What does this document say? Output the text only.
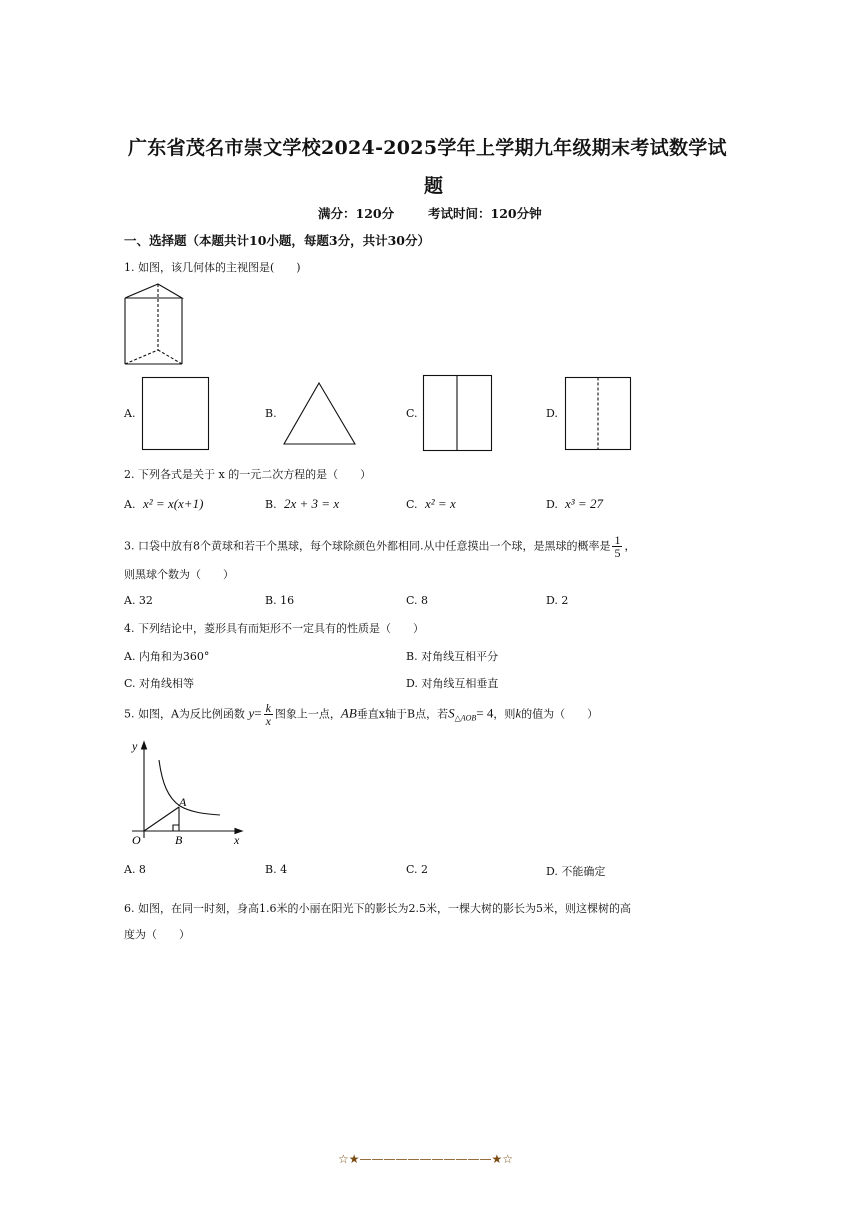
广东省茂名市崇文学校2024-2025学年上学期九年级期末考试数学试
题
满分：120分	考试时间：120分钟
一、选择题（本题共计10小题，每题3分，共计30分）
1. 如图，该几何体的主视图是(　　)
A.	B.	C.	D.
2. 下列各式是关于 x 的一元二次方程的是（　　）
A. x² = x(x+1)	B. 2x + 3 = x	C. x² = x	D. x³ = 27
3. 口袋中放有8个黄球和若干个黑球，每个球除颜色外都相同.从中任意摸出一个球，是黑球的概率是 $\frac{1}{5}$ ，
则黑球个数为（　　）
A. 32	B. 16	C. 8	D. 2
4. 下列结论中，菱形具有而矩形不一定具有的性质是（　　）
A. 内角和为360°	B. 对角线互相平分
C. 对角线相等	D. 对角线互相垂直
5. 如图，A为反比例函数 $y= \frac{k}{x}$ 图象上一点，AB垂直x轴于B点，若$S_{\triangle AOB}= 4$，则k的值为（　　）
y
x
O
A
B
A. 8	B. 4	C. 2	D. 不能确定
6. 如图，在同一时刻，身高1.6米的小丽在阳光下的影长为2.5米，一棵大树的影长为5米，则这棵树的高
度为（　　）
☆★———————————★☆
